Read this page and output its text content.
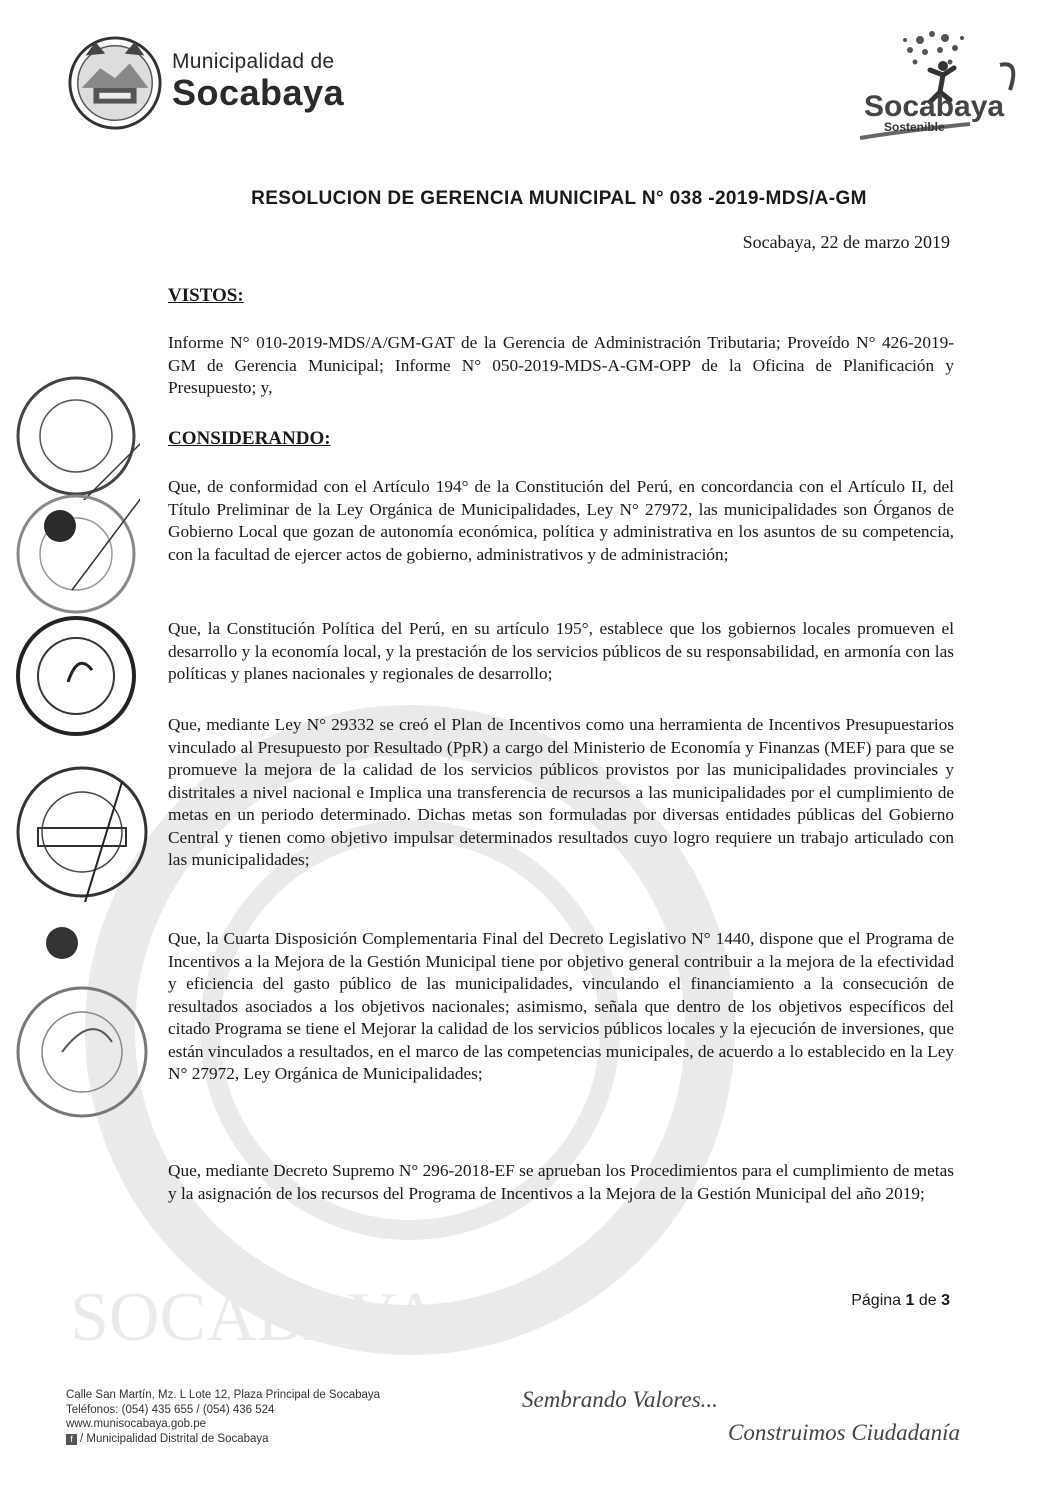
SOCABAYA
Municipalidad de
Socabaya	Socabaya
Sostenible
RESOLUCION DE GERENCIA MUNICIPAL N° 038 -2019-MDS/A-GM
Socabaya, 22 de marzo 2019
VISTOS:
Informe N° 010-2019-MDS/A/GM-GAT de la Gerencia de Administración Tributaria; Proveído N° 426-2019-GM de Gerencia Municipal; Informe N° 050-2019-MDS-A-GM-OPP de la Oficina de Planificación y Presupuesto; y,
CONSIDERANDO:
Que, de conformidad con el Artículo 194° de la Constitución del Perú, en concordancia con el Artículo II, del Título Preliminar de la Ley Orgánica de Municipalidades, Ley N° 27972, las municipalidades son Órganos de Gobierno Local que gozan de autonomía económica, política y administrativa en los asuntos de su competencia, con la facultad de ejercer actos de gobierno, administrativos y de administración;
Que, la Constitución Política del Perú, en su artículo 195°, establece que los gobiernos locales promueven el desarrollo y la economía local, y la prestación de los servicios públicos de su responsabilidad, en armonía con las políticas y planes nacionales y regionales de desarrollo;
Que, mediante Ley N° 29332 se creó el Plan de Incentivos como una herramienta de Incentivos Presupuestarios vinculado al Presupuesto por Resultado (PpR) a cargo del Ministerio de Economía y Finanzas (MEF) para que se promueve la mejora de la calidad de los servicios públicos provistos por las municipalidades provinciales y distritales a nivel nacional e Implica una transferencia de recursos a las municipalidades por el cumplimiento de metas en un periodo determinado. Dichas metas son formuladas por diversas entidades públicas del Gobierno Central y tienen como objetivo impulsar determinados resultados cuyo logro requiere un trabajo articulado con las municipalidades;
Que, la Cuarta Disposición Complementaria Final del Decreto Legislativo N° 1440, dispone que el Programa de Incentivos a la Mejora de la Gestión Municipal tiene por objetivo general contribuir a la mejora de la efectividad y eficiencia del gasto público de las municipalidades, vinculando el financiamiento a la consecución de resultados asociados a los objetivos nacionales; asimismo, señala que dentro de los objetivos específicos del citado Programa se tiene el Mejorar la calidad de los servicios públicos locales y la ejecución de inversiones, que están vinculados a resultados, en el marco de las competencias municipales, de acuerdo a lo establecido en la Ley N° 27972, Ley Orgánica de Municipalidades;
Que, mediante Decreto Supremo N° 296-2018-EF se aprueban los Procedimientos para el cumplimiento de metas y la asignación de los recursos del Programa de Incentivos a la Mejora de la Gestión Municipal del año 2019;
Página 1 de 3
Calle San Martín, Mz. L Lote 12, Plaza Principal de Socabaya
Teléfonos: (054) 435 655 / (054) 436 524
www.munisocabaya.gob.pe
f / Municipalidad Distrital de Socabaya
Sembrando Valores...
Construimos Ciudadanía
